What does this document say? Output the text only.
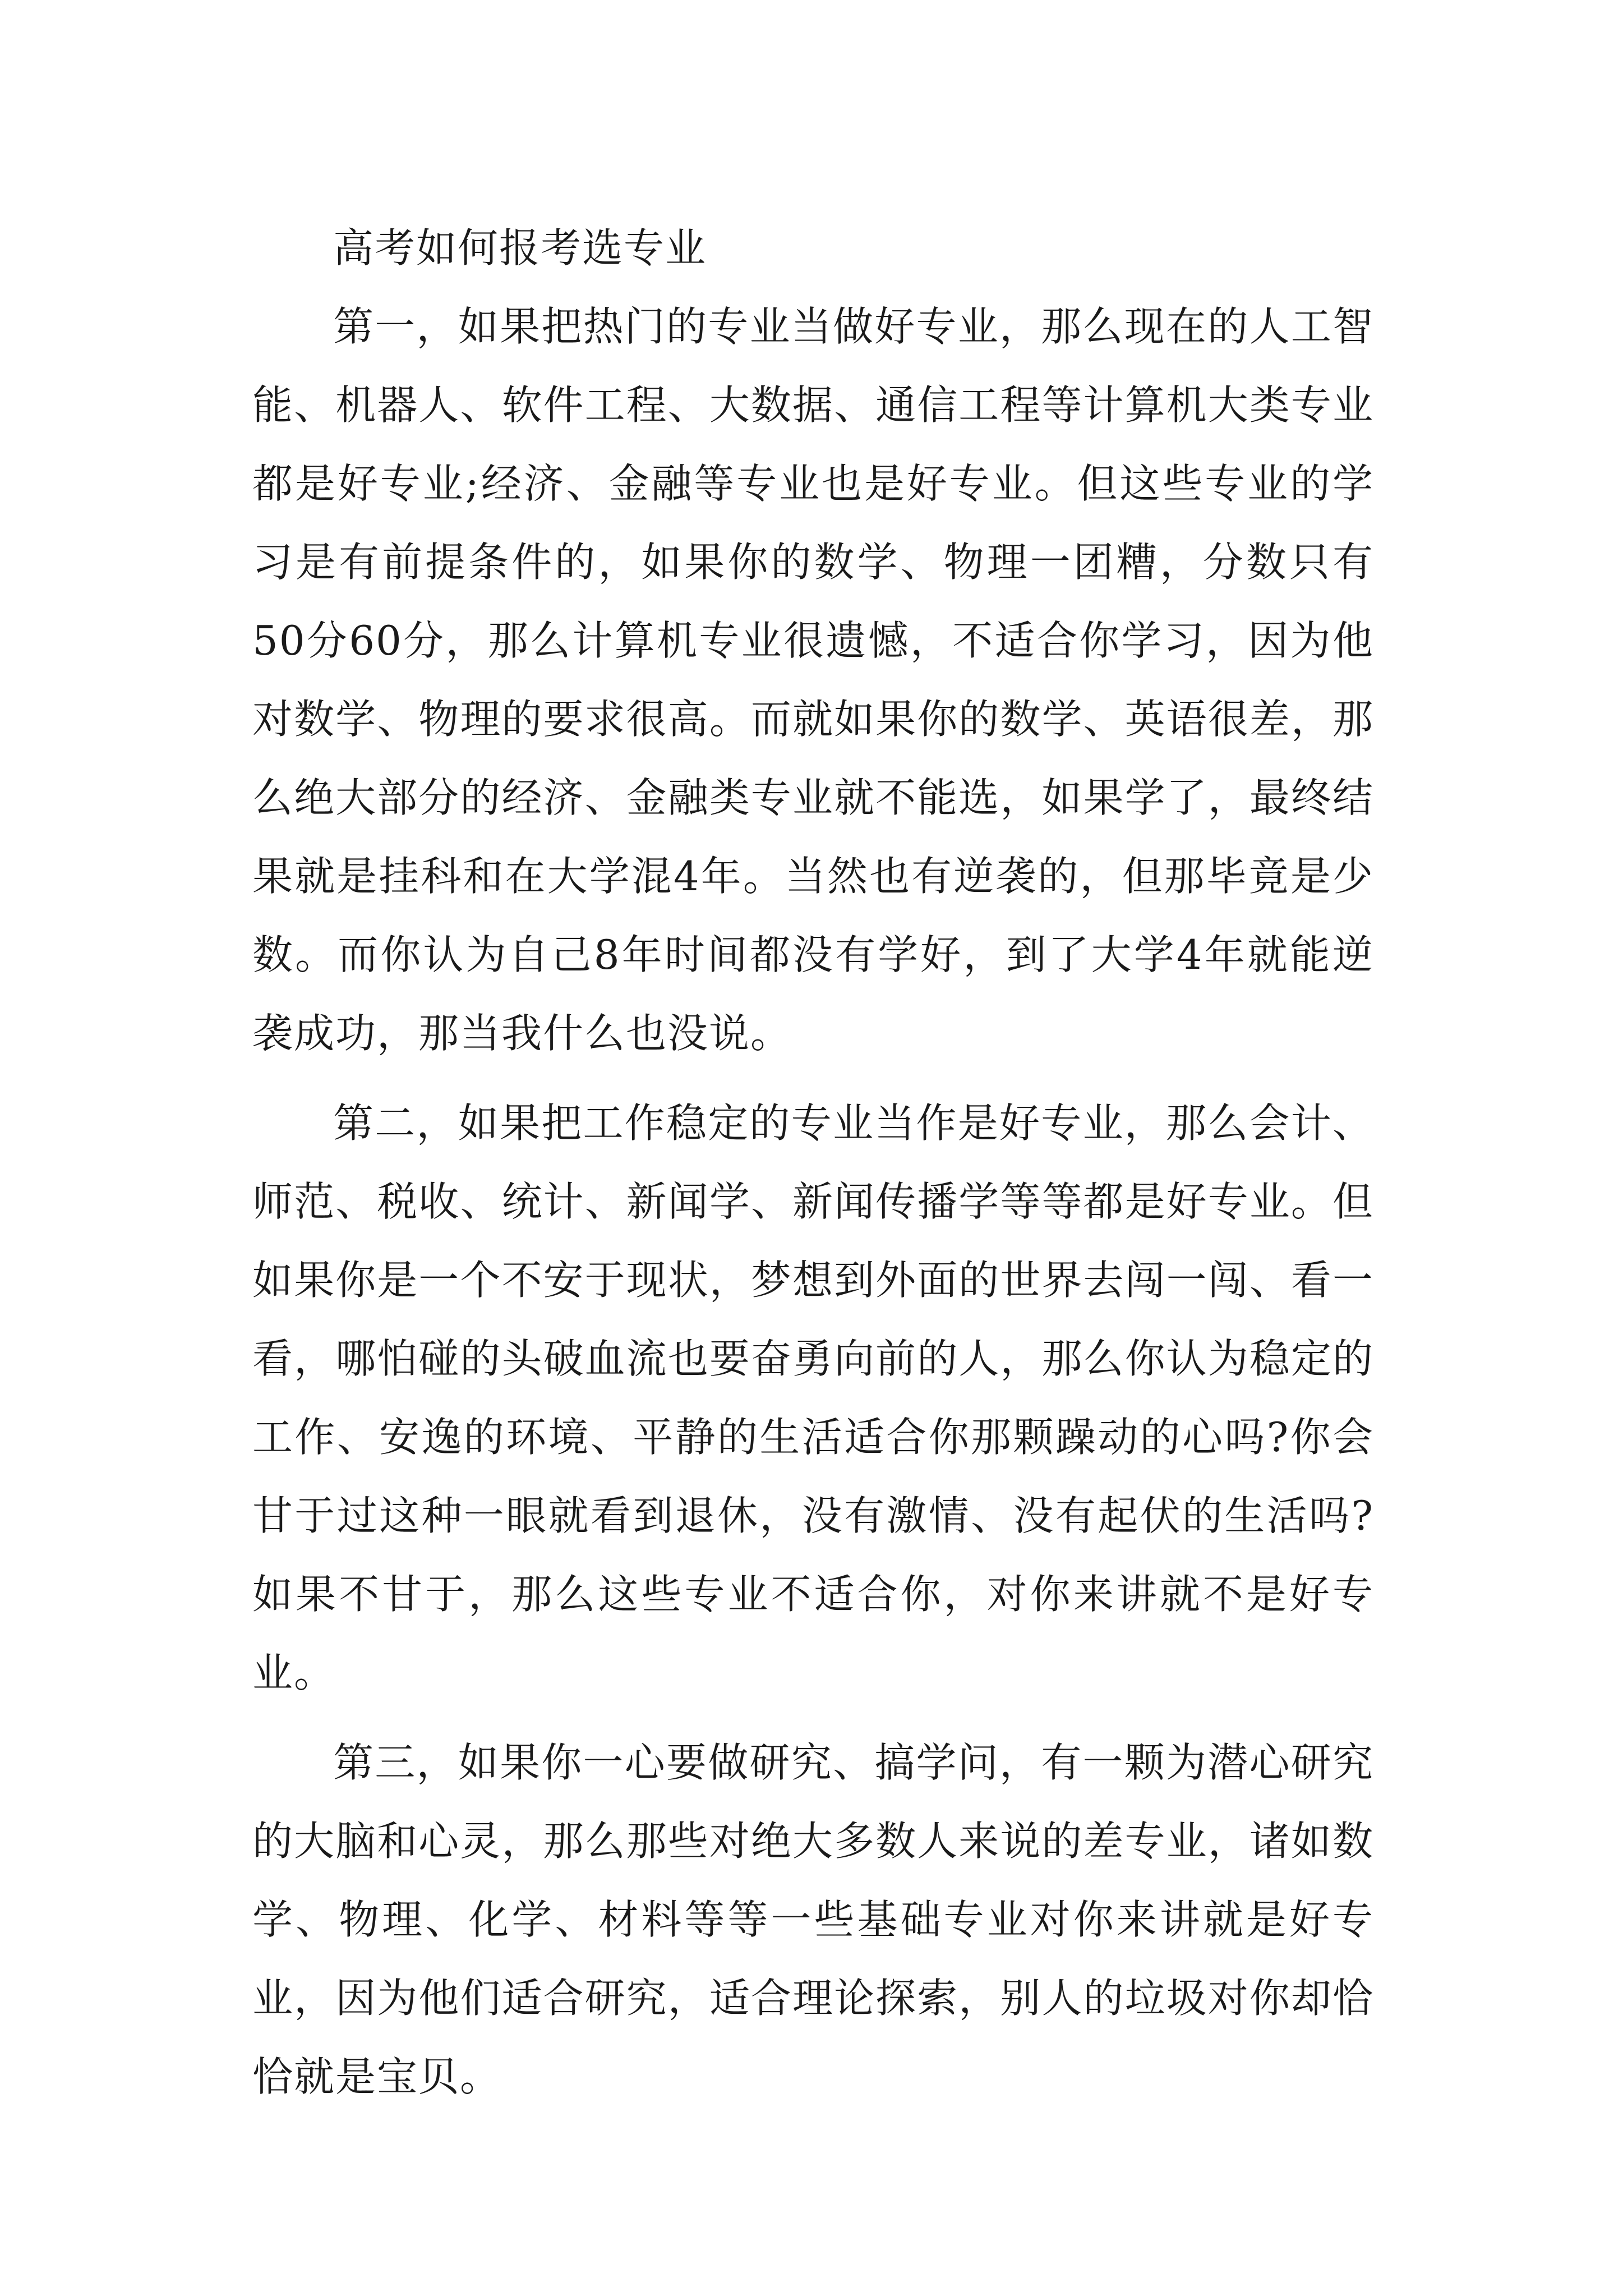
高考如何报考选专业

第一，如果把热门的专业当做好专业，那么现在的人工智能、机器人、软件工程、大数据、通信工程等计算机大类专业都是好专业;经济、金融等专业也是好专业。但这些专业的学习是有前提条件的，如果你的数学、物理一团糟，分数只有50分60分，那么计算机专业很遗憾，不适合你学习，因为他对数学、物理的要求很高。而就如果你的数学、英语很差，那么绝大部分的经济、金融类专业就不能选，如果学了，最终结果就是挂科和在大学混4年。当然也有逆袭的，但那毕竟是少数。而你认为自己8年时间都没有学好，到了大学4年就能逆袭成功，那当我什么也没说。

第二，如果把工作稳定的专业当作是好专业，那么会计、师范、税收、统计、新闻学、新闻传播学等等都是好专业。但如果你是一个不安于现状，梦想到外面的世界去闯一闯、看一看，哪怕碰的头破血流也要奋勇向前的人，那么你认为稳定的工作、安逸的环境、平静的生活适合你那颗躁动的心吗?你会甘于过这种一眼就看到退休，没有激情、没有起伏的生活吗?如果不甘于，那么这些专业不适合你，对你来讲就不是好专业。

第三，如果你一心要做研究、搞学问，有一颗为潜心研究的大脑和心灵，那么那些对绝大多数人来说的差专业，诸如数学、物理、化学、材料等等一些基础专业对你来讲就是好专业，因为他们适合研究，适合理论探索，别人的垃圾对你却恰恰就是宝贝。
